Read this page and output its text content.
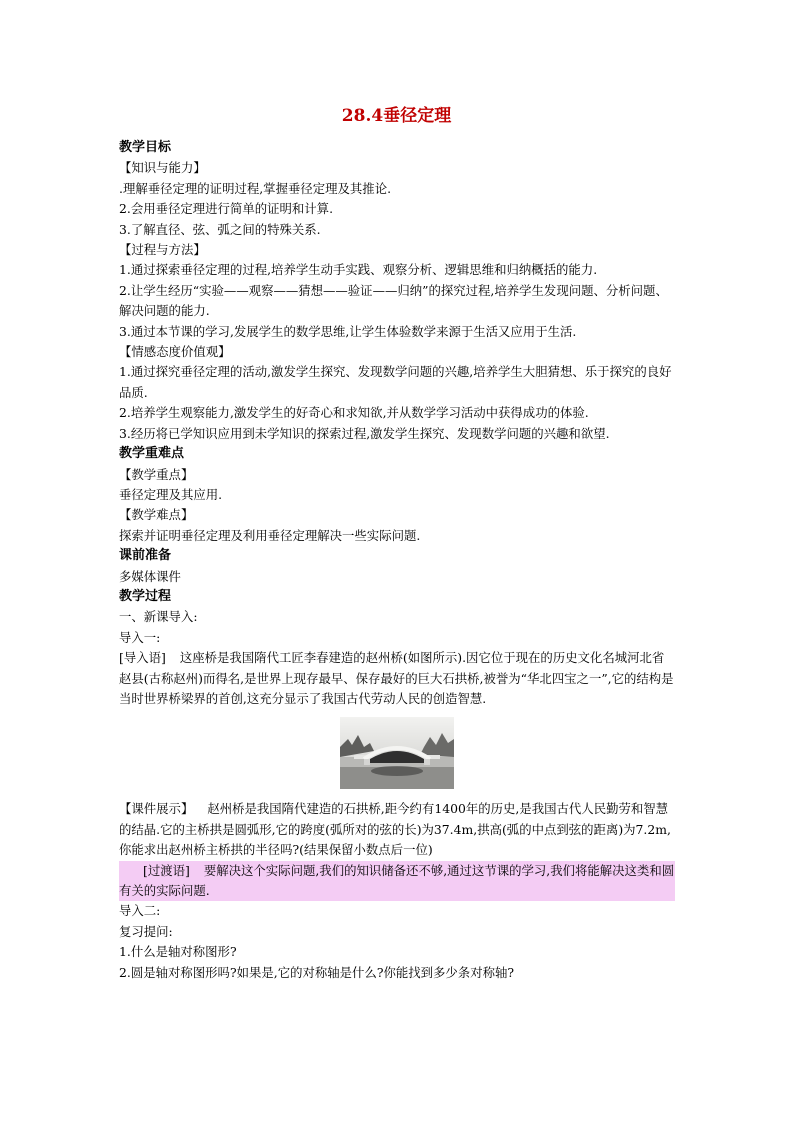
28.4垂径定理
教学目标
【知识与能力】
.理解垂径定理的证明过程,掌握垂径定理及其推论.
2.会用垂径定理进行简单的证明和计算.
3.了解直径、弦、弧之间的特殊关系.
【过程与方法】
1.通过探索垂径定理的过程,培养学生动手实践、观察分析、逻辑思维和归纳概括的能力.
2.让学生经历“实验——观察——猜想——验证——归纳”的探究过程,培养学生发现问题、分析问题、解决问题的能力.
3.通过本节课的学习,发展学生的数学思维,让学生体验数学来源于生活又应用于生活.
【情感态度价值观】
1.通过探究垂径定理的活动,激发学生探究、发现数学问题的兴趣,培养学生大胆猜想、乐于探究的良好品质.
2.培养学生观察能力,激发学生的好奇心和求知欲,并从数学学习活动中获得成功的体验.
3.经历将已学知识应用到未学知识的探索过程,激发学生探究、发现数学问题的兴趣和欲望.
教学重难点
【教学重点】
垂径定理及其应用.
【教学难点】
探索并证明垂径定理及利用垂径定理解决一些实际问题.
课前准备
多媒体课件
教学过程
一、新课导入:
导入一:
[导入语] 这座桥是我国隋代工匠李春建造的赵州桥(如图所示).因它位于现在的历史文化名城河北省赵县(古称赵州)而得名,是世界上现存最早、保存最好的巨大石拱桥,被誉为“华北四宝之一”,它的结构是当时世界桥梁界的首创,这充分显示了我国古代劳动人民的创造智慧.
【课件展示】 赵州桥是我国隋代建造的石拱桥,距今约有1400年的历史,是我国古代人民勤劳和智慧的结晶.它的主桥拱是圆弧形,它的跨度(弧所对的弦的长)为37.4m,拱高(弧的中点到弦的距离)为7.2m,你能求出赵州桥主桥拱的半径吗?(结果保留小数点后一位)
[过渡语] 要解决这个实际问题,我们的知识储备还不够,通过这节课的学习,我们将能解决这类和圆有关的实际问题.
导入二:
复习提问:
1.什么是轴对称图形?
2.圆是轴对称图形吗?如果是,它的对称轴是什么?你能找到多少条对称轴?
